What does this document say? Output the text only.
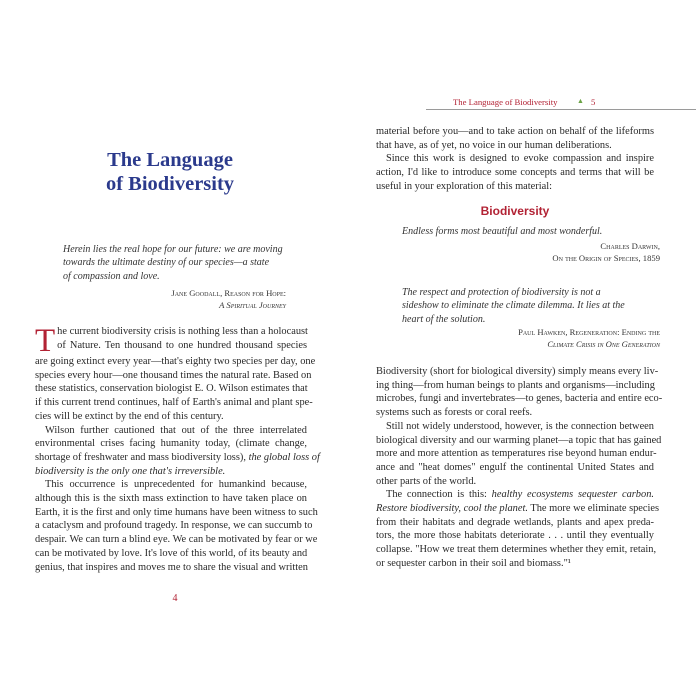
The Language
of Biodiversity
Herein lies the real hope for our future: we are moving
towards the ultimate destiny of our species—a state
of compassion and love.
Jane Goodall, Reason for Hope:
A Spiritual Journey

T he current biodiversity crisis is nothing less than a holocaust
of Nature. Ten thousand to one hundred thousand species
are going extinct every year—that's eighty two species per day, one
species every hour—one thousand times the natural rate. Based on
these statistics, conservation biologist E. O. Wilson estimates that
if this current trend continues, half of Earth's animal and plant spe-
cies will be extinct by the end of this century.

Wilson further cautioned that out of the three interrelated
environmental crises facing humanity today, (climate change,
shortage of freshwater and mass biodiversity loss), the global loss of
biodiversity is the only one that's irreversible.

This occurrence is unprecedented for humankind because,
although this is the sixth mass extinction to have taken place on
Earth, it is the first and only time humans have been witness to such
a cataclysm and profound tragedy. In response, we can succumb to
despair. We can turn a blind eye. We can be motivated by fear or we
can be motivated by love. It's love of this world, of its beauty and
genius, that inspires and moves me to share the visual and written

4
The Language of Biodiversity	▲ 5

material before you—and to take action on behalf of the lifeforms
that have, as of yet, no voice in our human deliberations.

Since this work is designed to evoke compassion and inspire
action, I'd like to introduce some concepts and terms that will be
useful in your exploration of this material:

Biodiversity
Endless forms most beautiful and most wonderful.
Charles Darwin,
On the Origin of Species, 1859
The respect and protection of biodiversity is not a
sideshow to eliminate the climate dilemma. It lies at the
heart of the solution.
Paul Hawken, Regeneration: Ending the
Climate Crisis in One Generation

Biodiversity (short for biological diversity) simply means every liv-
ing thing—from human beings to plants and organisms—including
microbes, fungi and invertebrates—to genes, bacteria and entire eco-
systems such as forests or coral reefs.

Still not widely understood, however, is the connection between
biological diversity and our warming planet—a topic that has gained
more and more attention as temperatures rise beyond human endur-
ance and "heat domes" engulf the continental United States and
other parts of the world.

The connection is this: healthy ecosystems sequester carbon.
Restore biodiversity, cool the planet. The more we eliminate species
from their habitats and degrade wetlands, plants and apex preda-
tors, the more those habitats deteriorate . . . until they eventually
collapse. "How we treat them determines whether they emit, retain,
or sequester carbon in their soil and biomass."¹
